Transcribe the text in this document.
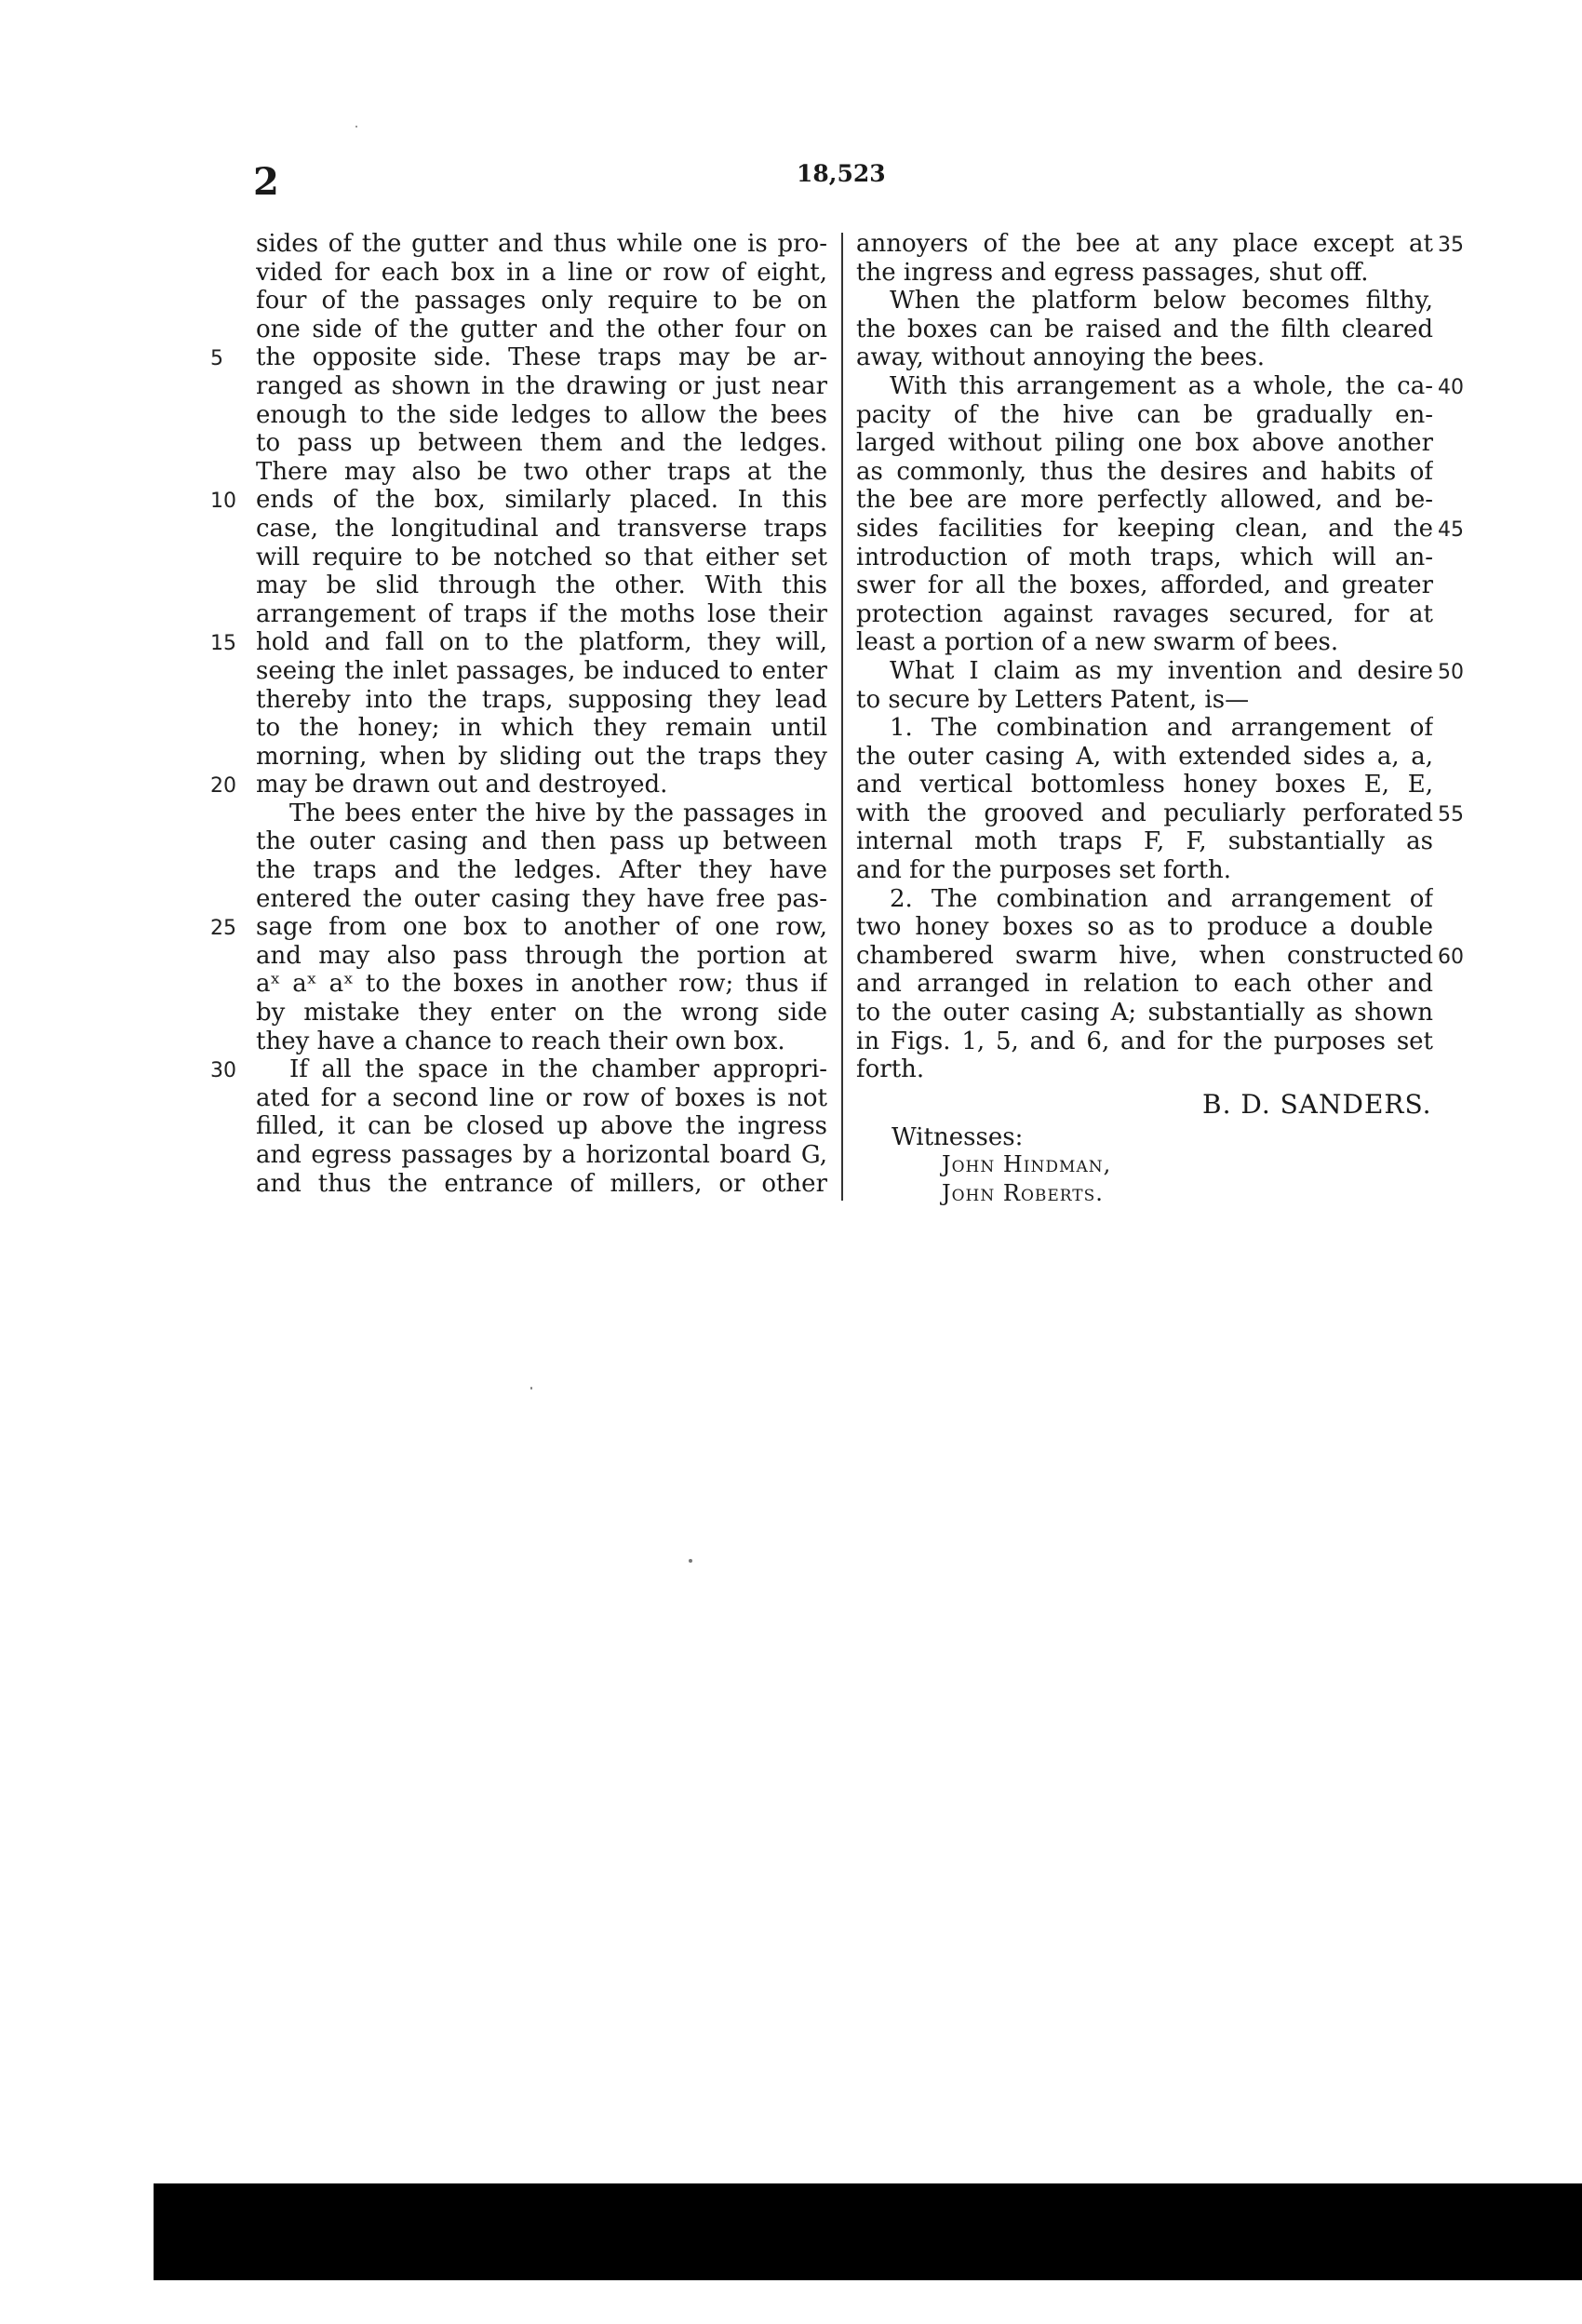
2	18,523
sides of the gutter and thus while one is pro-
vided for each box in a line or row of eight,
four of the passages only require to be on
one side of the gutter and the other four on
the opposite side. These traps may be ar-
ranged as shown in the drawing or just near
enough to the side ledges to allow the bees
to pass up between them and the ledges.
There may also be two other traps at the
ends of the box, similarly placed. In this
case, the longitudinal and transverse traps
will require to be notched so that either set
may be slid through the other. With this
arrangement of traps if the moths lose their
hold and fall on to the platform, they will,
seeing the inlet passages, be induced to enter
thereby into the traps, supposing they lead
to the honey; in which they remain until
morning, when by sliding out the traps they
may be drawn out and destroyed.
The bees enter the hive by the passages in
the outer casing and then pass up between
the traps and the ledges. After they have
entered the outer casing they have free pas-
sage from one box to another of one row,
and may also pass through the portion at
aˣ aˣ aˣ to the boxes in another row; thus if
by mistake they enter on the wrong side
they have a chance to reach their own box.
If all the space in the chamber appropri-
ated for a second line or row of boxes is not
filled, it can be closed up above the ingress
and egress passages by a horizontal board G,
and thus the entrance of millers, or other
annoyers of the bee at any place except at
the ingress and egress passages, shut off.
When the platform below becomes filthy,
the boxes can be raised and the filth cleared
away, without annoying the bees.
With this arrangement as a whole, the ca-
pacity of the hive can be gradually en-
larged without piling one box above another
as commonly, thus the desires and habits of
the bee are more perfectly allowed, and be-
sides facilities for keeping clean, and the
introduction of moth traps, which will an-
swer for all the boxes, afforded, and greater
protection against ravages secured, for at
least a portion of a new swarm of bees.
What I claim as my invention and desire
to secure by Letters Patent, is—
1. The combination and arrangement of
the outer casing A, with extended sides a, a,
and vertical bottomless honey boxes E, E,
with the grooved and peculiarly perforated
internal moth traps F, F, substantially as
and for the purposes set forth.
2. The combination and arrangement of
two honey boxes so as to produce a double
chambered swarm hive, when constructed
and arranged in relation to each other and
to the outer casing A; substantially as shown
in Figs. 1, 5, and 6, and for the purposes set
forth.
5
10
15
20
25
30
35
40
45
50
55
60
B. D. SANDERS.
Witnesses:
John Hindman,
John Roberts.
